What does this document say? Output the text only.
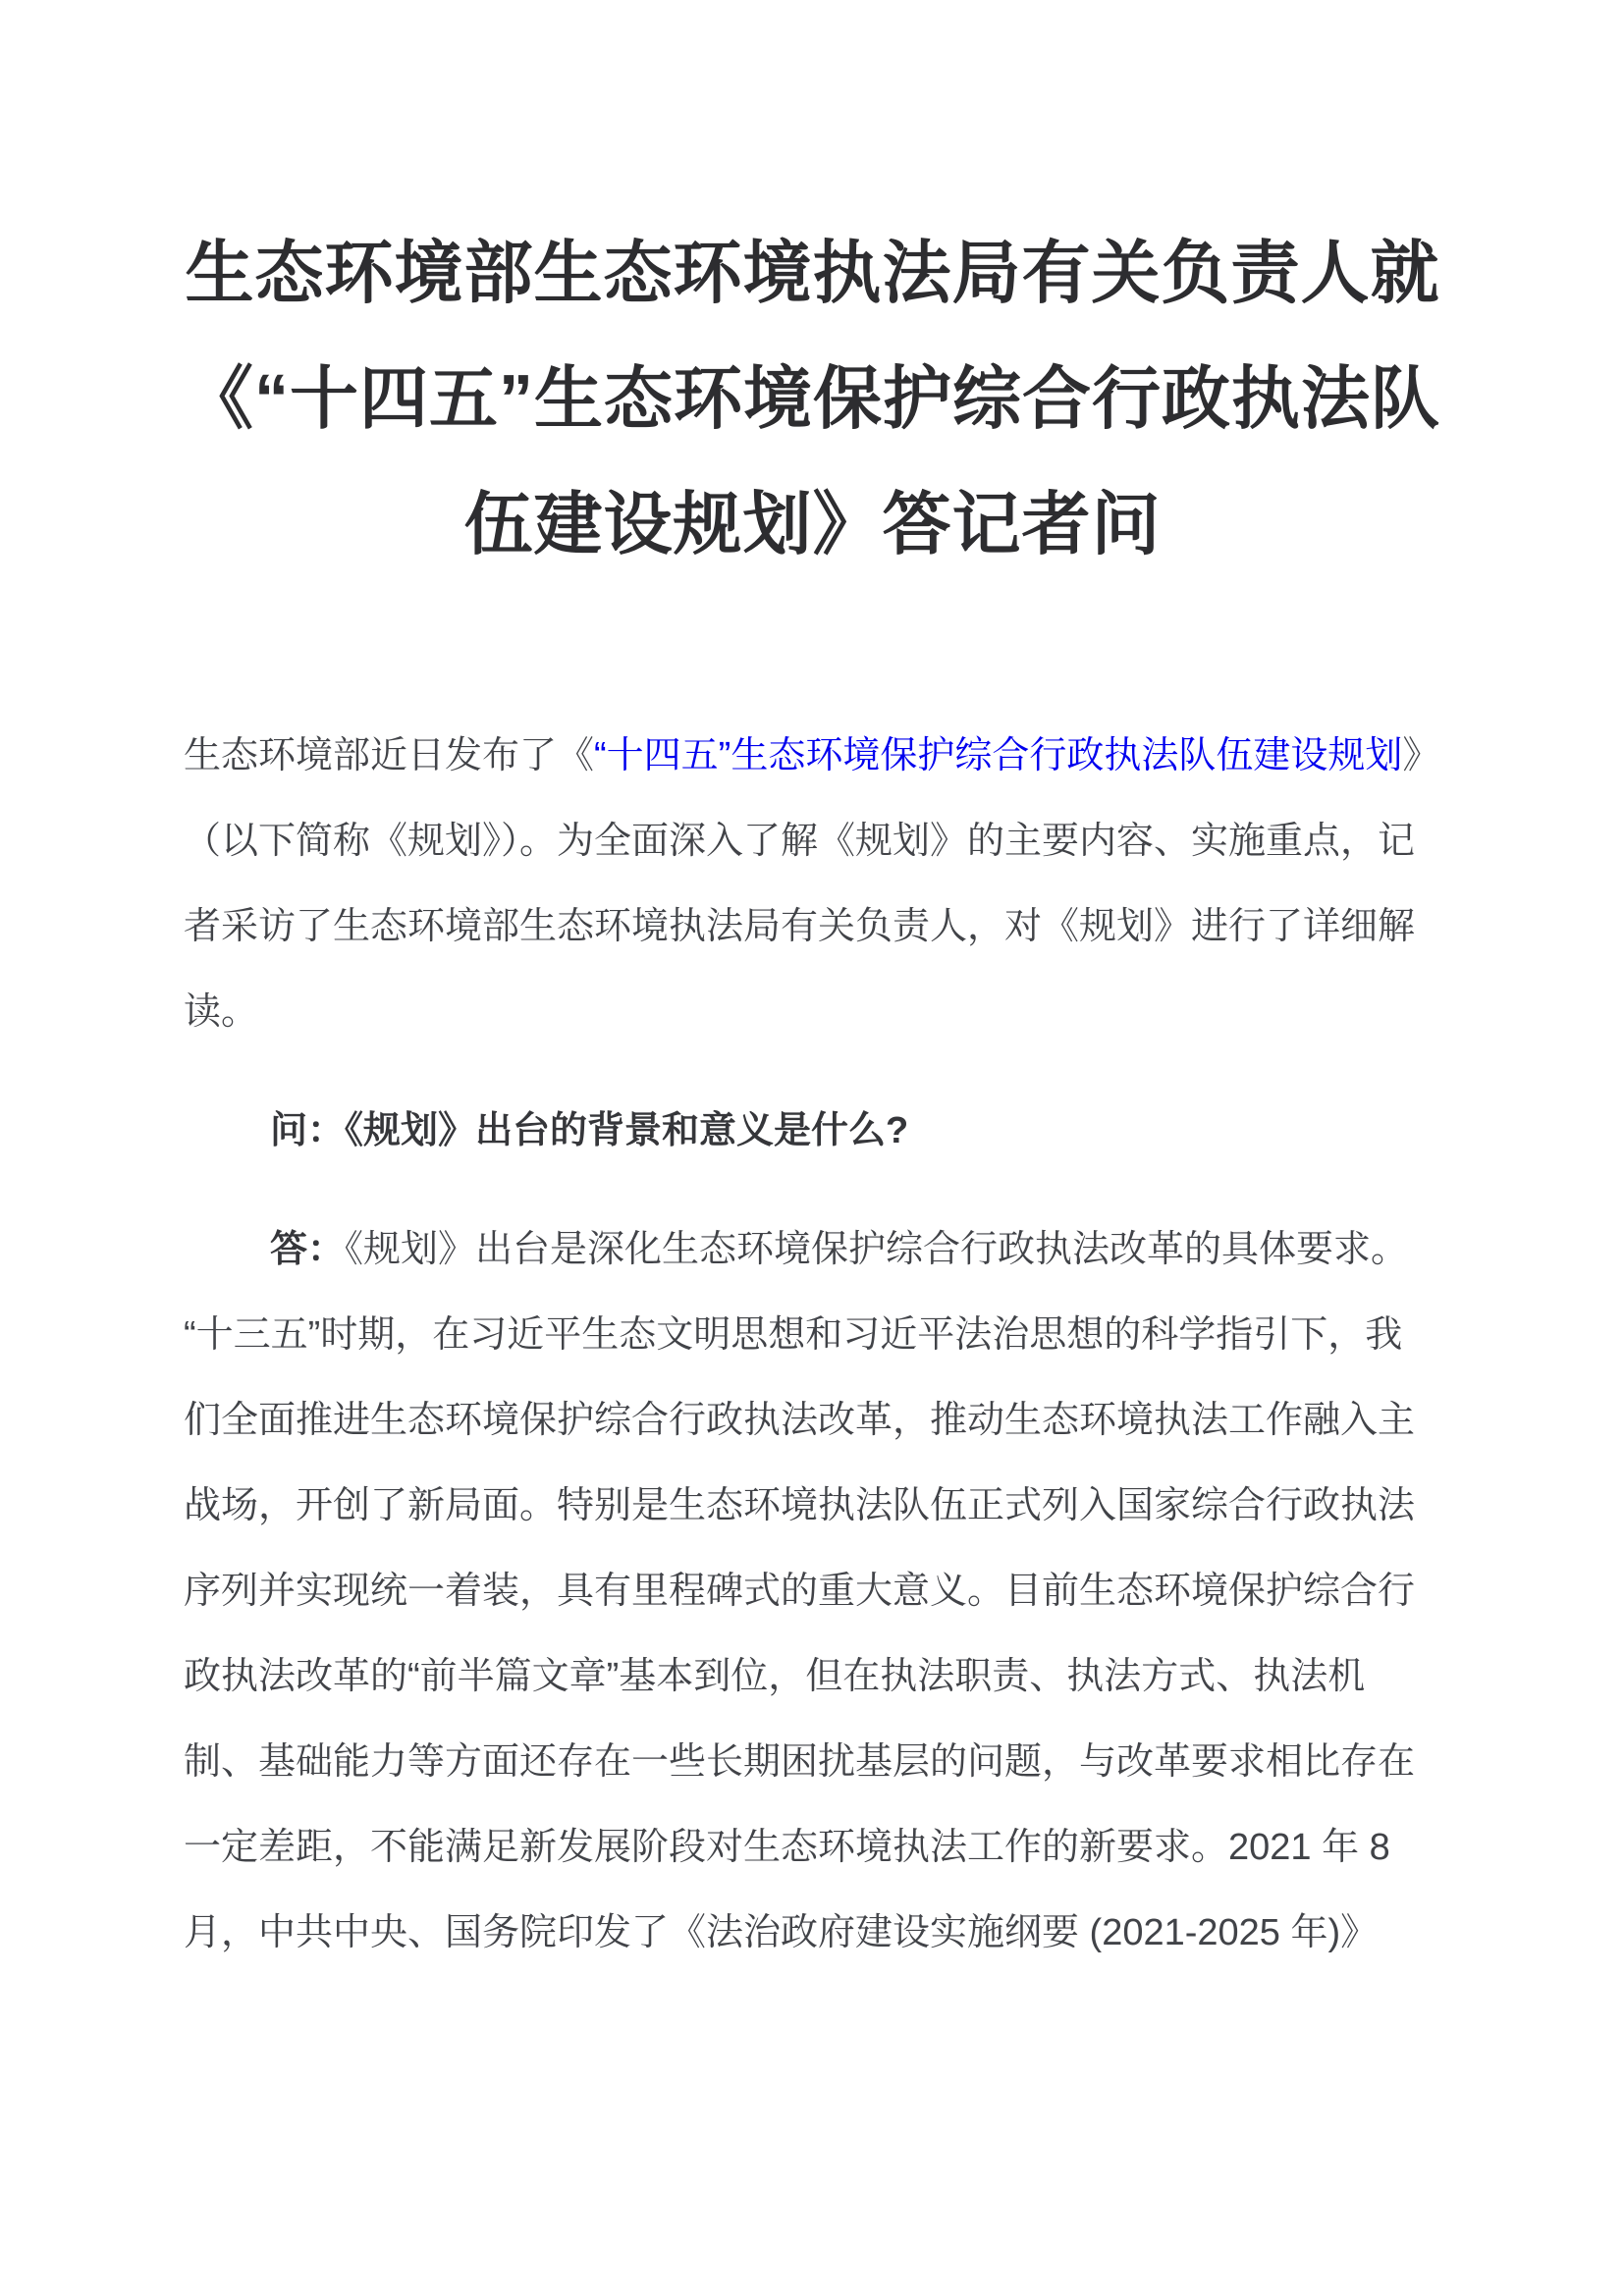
生态环境部生态环境执法局有关负责人就
《“十四五”生态环境保护综合行政执法队
伍建设规划》答记者问

生态环境部近日发布了《“十四五”生态环境保护综合行政执法队伍建设规划》（以下简称《规划》）。为全面深入了解《规划》的主要内容、实施重点，记者采访了生态环境部生态环境执法局有关负责人，对《规划》进行了详细解读。

问：《规划》出台的背景和意义是什么?

答：《规划》出台是深化生态环境保护综合行政执法改革的具体要求。“十三五”时期，在习近平生态文明思想和习近平法治思想的科学指引下，我们全面推进生态环境保护综合行政执法改革，推动生态环境执法工作融入主战场，开创了新局面。特别是生态环境执法队伍正式列入国家综合行政执法序列并实现统一着装，具有里程碑式的重大意义。目前生态环境保护综合行政执法改革的“前半篇文章”基本到位，但在执法职责、执法方式、执法机制、基础能力等方面还存在一些长期困扰基层的问题，与改革要求相比存在一定差距，不能满足新发展阶段对生态环境执法工作的新要求。2021 年 8 月，中共中央、国务院印发了《法治政府建设实施纲要 (2021-2025 年)》
